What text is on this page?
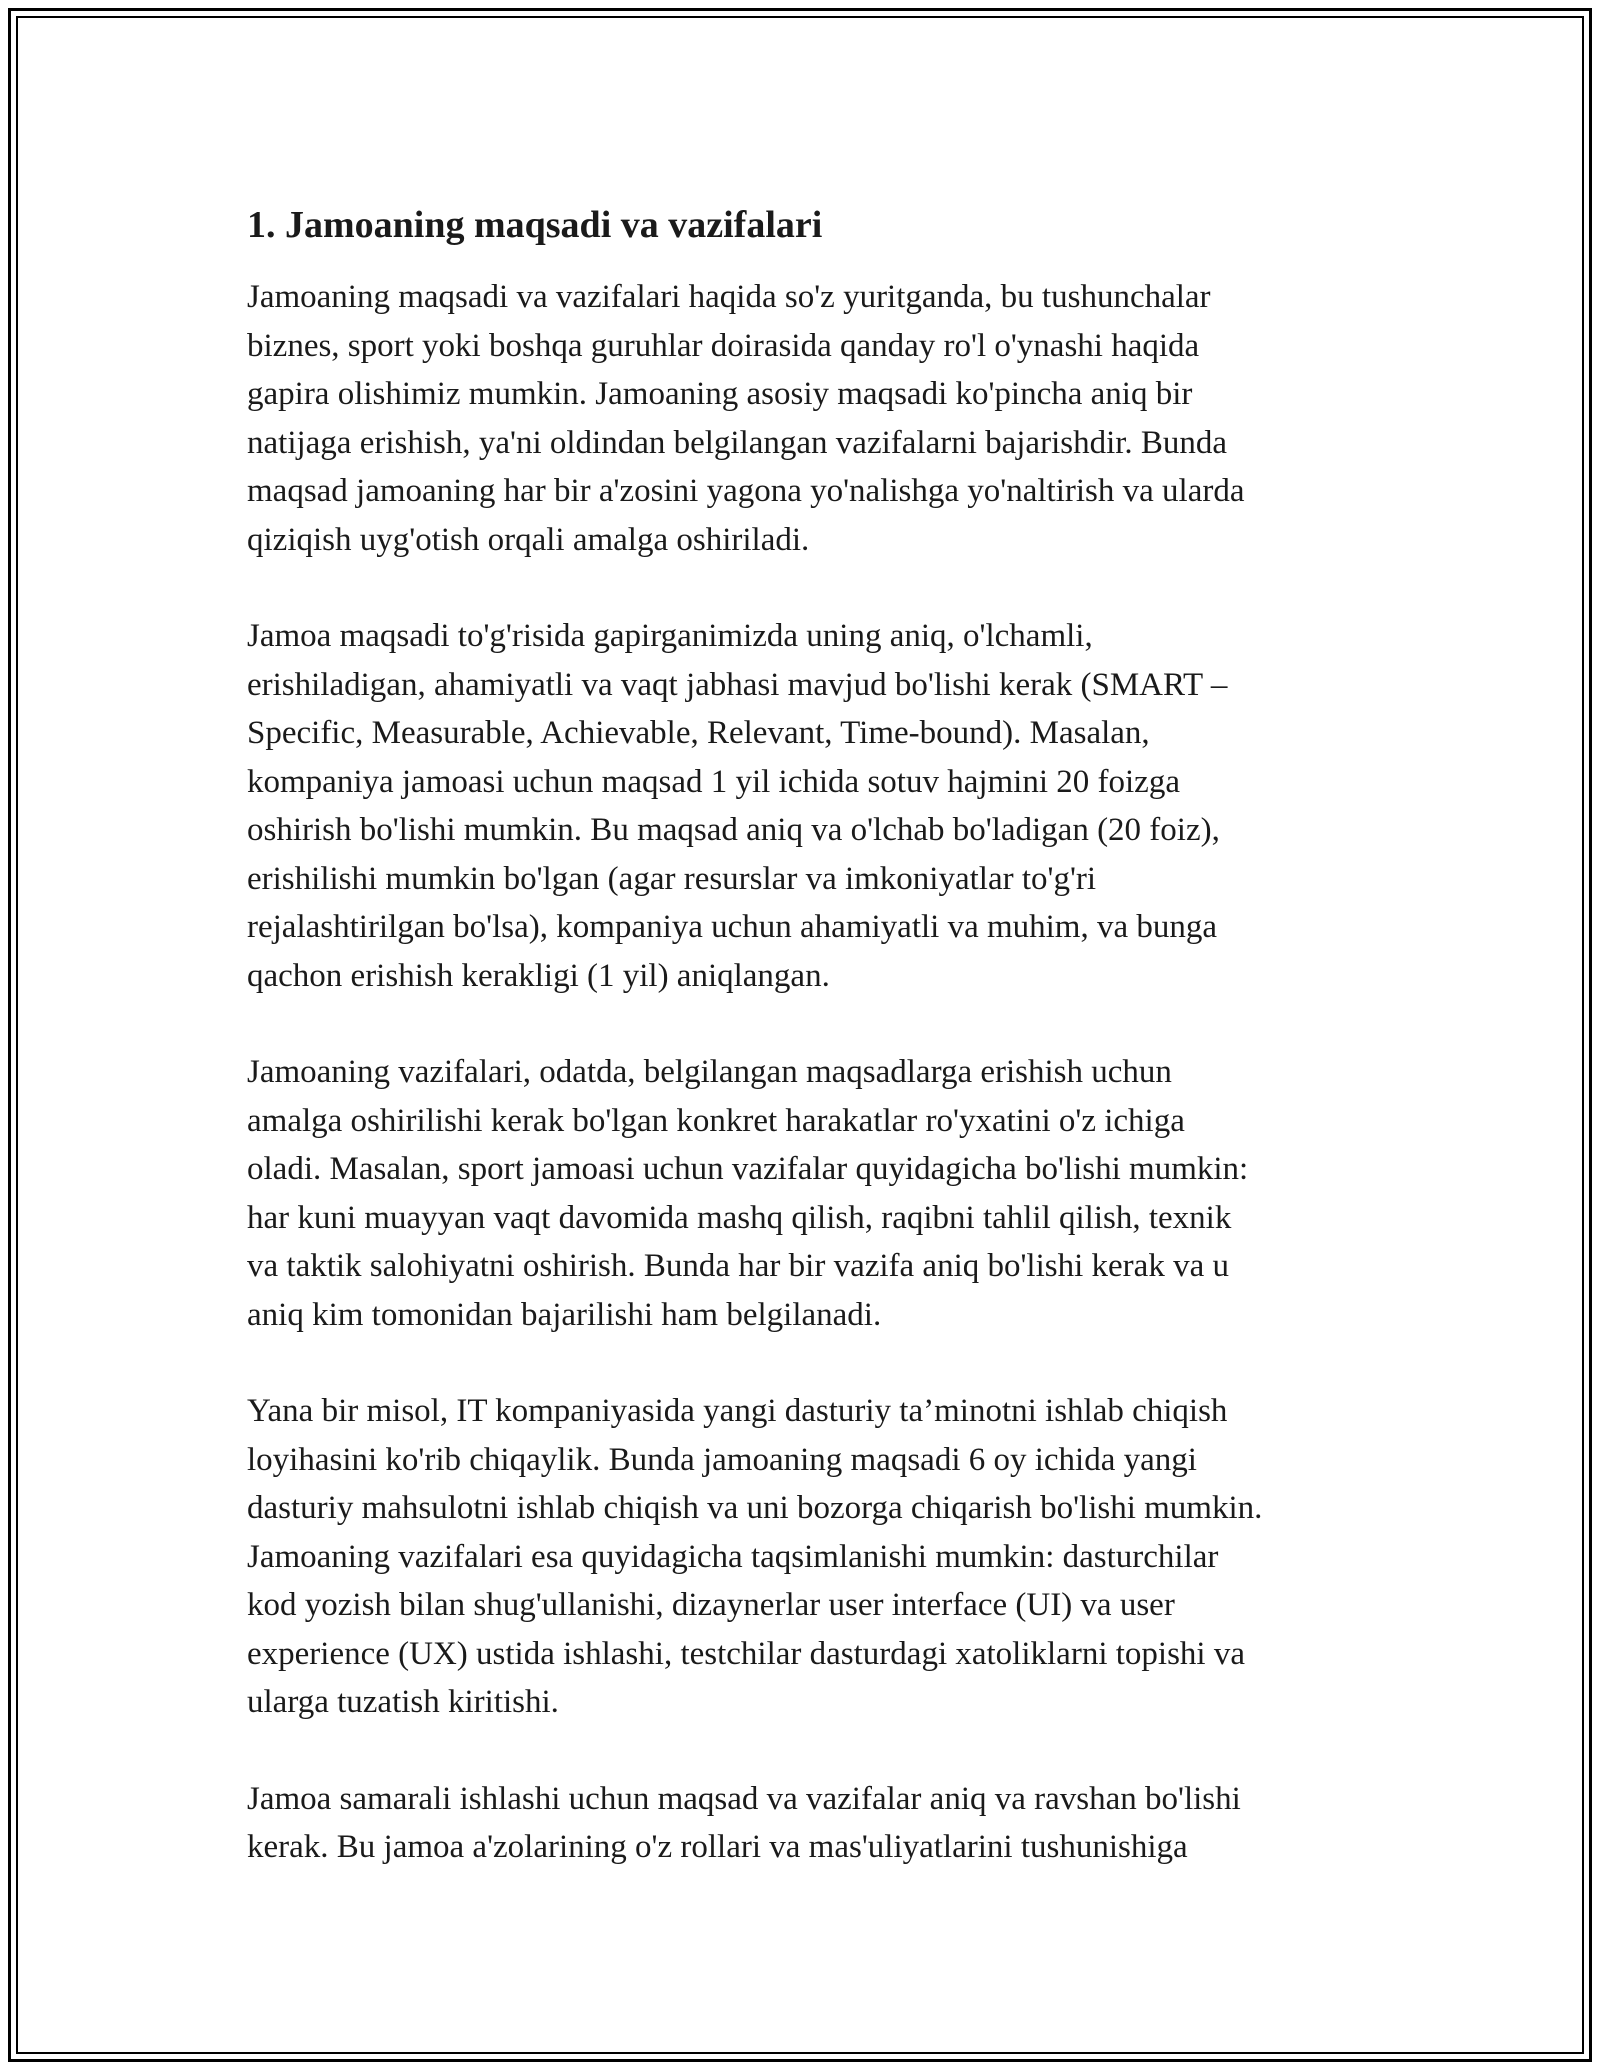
1. Jamoaning maqsadi va vazifalari
Jamoaning maqsadi va vazifalari haqida so'z yuritganda, bu tushunchalar
biznes, sport yoki boshqa guruhlar doirasida qanday ro'l o'ynashi haqida
gapira olishimiz mumkin. Jamoaning asosiy maqsadi ko'pincha aniq bir
natijaga erishish, ya'ni oldindan belgilangan vazifalarni bajarishdir. Bunda
maqsad jamoaning har bir a'zosini yagona yo'nalishga yo'naltirish va ularda
qiziqish uyg'otish orqali amalga oshiriladi.
Jamoa maqsadi to'g'risida gapirganimizda uning aniq, o'lchamli,
erishiladigan, ahamiyatli va vaqt jabhasi mavjud bo'lishi kerak (SMART –
Specific, Measurable, Achievable, Relevant, Time-bound). Masalan,
kompaniya jamoasi uchun maqsad 1 yil ichida sotuv hajmini 20 foizga
oshirish bo'lishi mumkin. Bu maqsad aniq va o'lchab bo'ladigan (20 foiz),
erishilishi mumkin bo'lgan (agar resurslar va imkoniyatlar to'g'ri
rejalashtirilgan bo'lsa), kompaniya uchun ahamiyatli va muhim, va bunga
qachon erishish kerakligi (1 yil) aniqlangan.
Jamoaning vazifalari, odatda, belgilangan maqsadlarga erishish uchun
amalga oshirilishi kerak bo'lgan konkret harakatlar ro'yxatini o'z ichiga
oladi. Masalan, sport jamoasi uchun vazifalar quyidagicha bo'lishi mumkin:
har kuni muayyan vaqt davomida mashq qilish, raqibni tahlil qilish, texnik
va taktik salohiyatni oshirish. Bunda har bir vazifa aniq bo'lishi kerak va u
aniq kim tomonidan bajarilishi ham belgilanadi.
Yana bir misol, IT kompaniyasida yangi dasturiy ta’minotni ishlab chiqish
loyihasini ko'rib chiqaylik. Bunda jamoaning maqsadi 6 oy ichida yangi
dasturiy mahsulotni ishlab chiqish va uni bozorga chiqarish bo'lishi mumkin.
Jamoaning vazifalari esa quyidagicha taqsimlanishi mumkin: dasturchilar
kod yozish bilan shug'ullanishi, dizaynerlar user interface (UI) va user
experience (UX) ustida ishlashi, testchilar dasturdagi xatoliklarni topishi va
ularga tuzatish kiritishi.
Jamoa samarali ishlashi uchun maqsad va vazifalar aniq va ravshan bo'lishi
kerak. Bu jamoa a'zolarining o'z rollari va mas'uliyatlarini tushunishiga
